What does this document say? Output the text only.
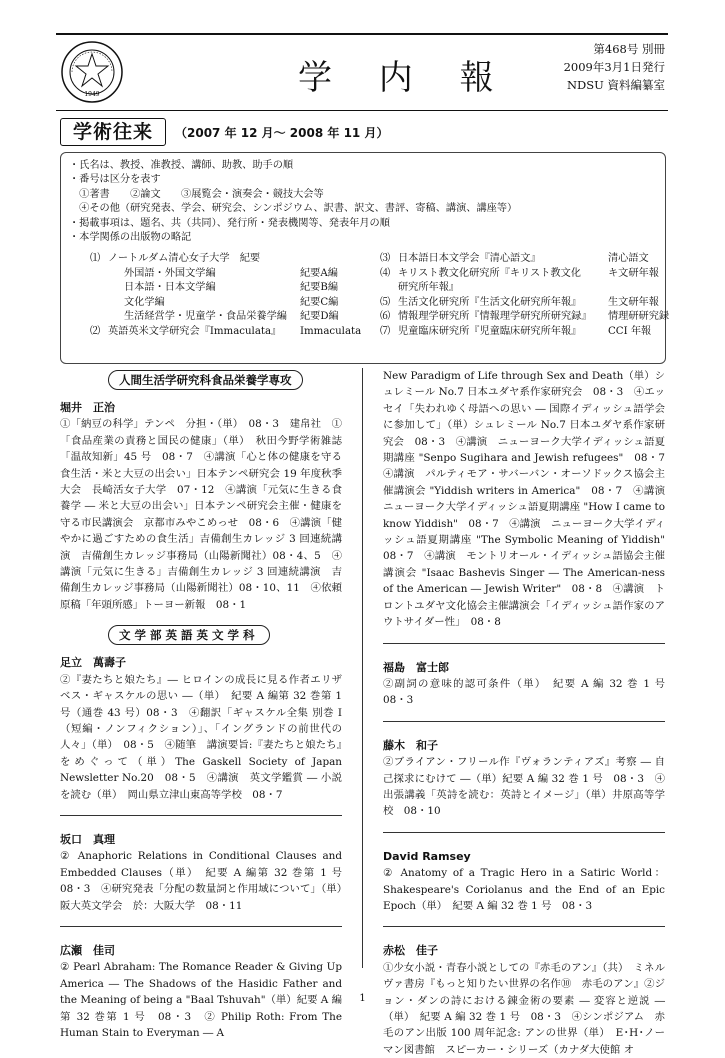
1949	学 内 報
第468号 別冊
2009年3月1日発行
NDSU 資料編纂室
学術往来	（2007 年 12 月～ 2008 年 11 月）
・氏名は、教授、准教授、講師、助教、助手の順
・番号は区分を表す
　①著書　　②論文　　③展覧会・演奏会・競技大会等
　④その他（研究発表、学会、研究会、シンポジウム、訳書、訳文、書評、寄稿、講演、講座等）
・掲載事項は、題名、共（共同）、発行所・発表機関等、発表年月の順
・本学関係の出版物の略記
⑴ ノートルダム清心女子大学　紀要
外国語・外国文学編	紀要A編
日本語・日本文学編	紀要B編
文化学編	紀要C編
生活経営学・児童学・食品栄養学編 紀要D編
⑵ 英語英米文学研究会『Immaculata』 Immaculata
⑶ 日本語日本文学会『清心語文』	清心語文
⑷ キリスト教文化研究所『キリスト教文化	キ文研年報
研究所年報』
⑸ 生活文化研究所『生活文化研究所年報』	生文研年報
⑹ 情報理学研究所『情報理学研究所研究録』 情理研研究録
⑺ 児童臨床研究所『児童臨床研究所年報』	CCI 年報
人間生活学研究科食品栄養学専攻
堀井　正治

①「納豆の科学」テンペ　分担・（単）　08・3　建帛社　①「食品産業の責務と国民の健康」（単）　秋田今野学術雑誌「温故知新」45 号　08・7　④講演「心と体の健康を守る食生活・米と大豆の出会い」日本テンペ研究会 19 年度秋季大会　長崎活女子大学　07・12　④講演「元気に生きる食養学 ― 米と大豆の出会い」日本テンペ研究会主催・健康を守る市民講演会　京都市みやこめっせ　08・6　④講演「健やかに過ごすための食生活」吉備創生カレッジ 3 回連続講演　吉備創生カレッジ事務局（山陽新聞社）08・4、5　④講演「元気に生きる」吉備創生カレッジ 3 回連続講演　吉備創生カレッジ事務局（山陽新聞社）08・10、11　④依頼原稿「年頭所感」トーヨー新報　08・1

文学部英語英文学科
足立　萬壽子

②『妻たちと娘たち』― ヒロインの成長に見る作者エリザベス・ギャスケルの思い ―（単）　紀要 A 編第 32 巻第 1 号（通巻 43 号）08・3　④翻訳「ギャスケル全集 別巻 I（短編・ノンフィクション）」、「イングランドの前世代の人々」（単）　08・5　④随筆　講演要旨:『妻たちと娘たち』をめぐって（単）The Gaskell Society of Japan Newsletter No.20　08・5　④講演　英文学鑑賞 ― 小説を読む（単）　岡山県立津山東高等学校　08・7

坂口　真理

② Anaphoric Relations in Conditional Clauses and Embedded Clauses（単）　紀要 A 編第 32 巻第 1 号　08・3　④研究発表「分配の数量詞と作用域について」（単）　阪大英文学会　於：大阪大学　08・11

広瀬　佳司

② Pearl Abraham: The Romance Reader & Giving Up America ― The Shadows of the Hasidic Father and the Meaning of being a "Baal Tshuvah"（単）紀要 A 編第 32 巻第 1 号　08・3　② Philip Roth: From The Human Stain to Everyman ― A

New Paradigm of Life through Sex and Death（単）シュレミール No.7 日本ユダヤ系作家研究会　08・3　④エッセイ「失われゆく母語への思い ― 国際イディッシュ語学会に参加して」（単）シュレミール No.7 日本ユダヤ系作家研究会　08・3　④講演　ニューヨーク大学イディッシュ語夏期講座 "Senpo Sugihara and Jewish refugees"　08・7　④講演　パルティモア・サバーバン・オーソドックス協会主催講演会 "Yiddish writers in America"　08・7　④講演　ニューヨーク大学イディッシュ語夏期講座 "How I came to know Yiddish"　08・7　④講演　ニューヨーク大学イディッシュ語夏期講座 "The Symbolic Meaning of Yiddish"　08・7　④講演　モントリオール・イディッシュ語協会主催講演会 "Isaac Bashevis Singer ― The American-ness of the American ― Jewish Writer"　08・8　④講演　トロントユダヤ文化協会主催講演会「イディッシュ語作家のアウトサイダー性」　08・8

福島　富士郎

②副詞の意味的認可条件（単）　紀要 A 編 32 巻 1 号　08・3

藤木　和子

②ブライアン・フリール作『ヴォランティアズ』考察 ― 自己探求にむけて ―（単）紀要 A 編 32 巻 1 号　08・3　④出張講義「英詩を読む：英詩とイメージ」（単）井原高等学校　08・10

David Ramsey

② Anatomy of a Tragic Hero in a Satiric World：Shakespeare's Coriolanus and the End of an Epic Epoch（単）　紀要 A 編 32 巻 1 号　08・3

赤松　佳子

①少女小説・青春小説としての『赤毛のアン』（共）　ミネルヴァ書房『もっと知りたい世界の名作⑩　赤毛のアン』②ジョン・ダンの詩における錬金術の要素 ― 変容と逆説 ―（単）　紀要 A 編 32 巻 1 号　08・3　④シンポジアム　赤毛のアン出版 100 周年記念: アンの世界（単）　E･H･ノーマン図書館　スピーカー・シリーズ（カナダ大使館 オ

1
